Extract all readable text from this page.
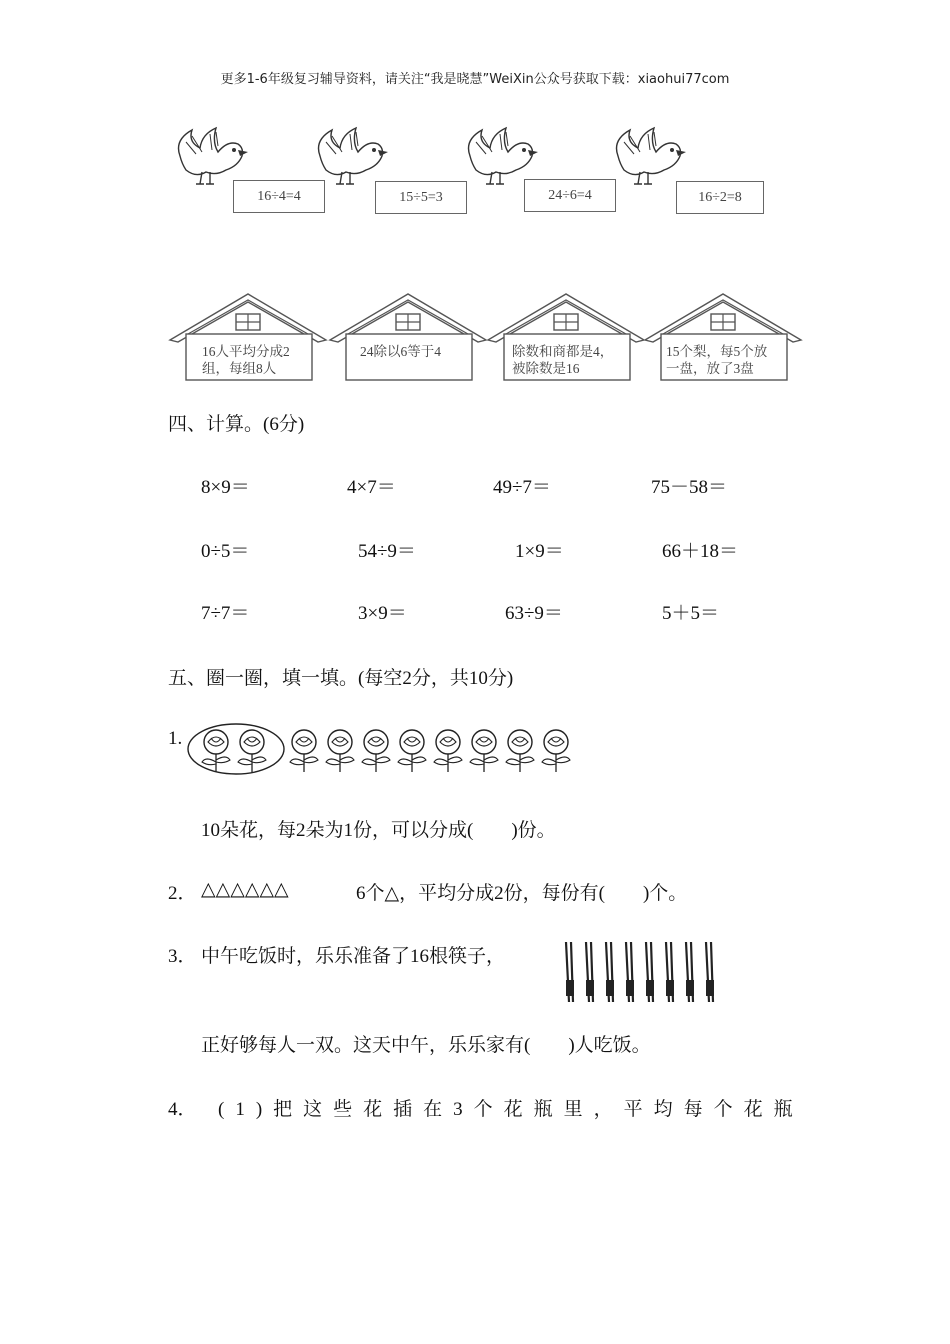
更多1-6年级复习辅导资料，请关注“我是晓慧”WeiXin公众号获取下载：xiaohui77com
16÷4=4	15÷5=3	24÷6=4	16÷2=8
16人平均分成2
组，每组8人
24除以6等于4	除数和商都是4，
被除数是16
15个梨，每5个放
一盘，放了3盘
四、计算。(6分)
8×9＝	4×7＝	49÷7＝	75－58＝
0÷5＝	54÷9＝	1×9＝	66＋18＝
7÷7＝	3×9＝	63÷9＝	5＋5＝
五、圈一圈，填一填。(每空2分，共10分)
1.
10朵花，每2朵为1份，可以分成(　　)份。
2． △△△△△△	6个△，平均分成2份，每份有(　　)个。
3． 中午吃饭时，乐乐准备了16根筷子，
正好够每人一双。这天中午，乐乐家有(　　)人吃饭。
4． (1)把这些花插在3个花瓶里，平均每个花瓶
